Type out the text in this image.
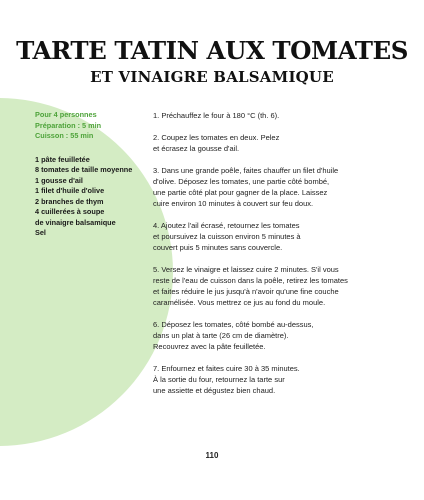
TARTE TATIN AUX TOMATES
ET VINAIGRE BALSAMIQUE
Pour 4 personnes
Préparation : 5 min
Cuisson : 55 min
1 pâte feuilletée
8 tomates de taille moyenne
1 gousse d'ail
1 filet d'huile d'olive
2 branches de thym
4 cuillerées à soupe
de vinaigre balsamique
Sel

1. Préchauffez le four à 180 °C (th. 6).

2. Coupez les tomates en deux. Pelez
et écrasez la gousse d'ail.

3. Dans une grande poêle, faites chauffer un filet d'huile
d'olive. Déposez les tomates, une partie côté bombé,
une partie côté plat pour gagner de la place. Laissez
cuire environ 10 minutes à couvert sur feu doux.

4. Ajoutez l'ail écrasé, retournez les tomates
et poursuivez la cuisson environ 5 minutes à
couvert puis 5 minutes sans couvercle.

5. Versez le vinaigre et laissez cuire 2 minutes. S'il vous
reste de l'eau de cuisson dans la poêle, retirez les tomates
et faites réduire le jus jusqu'à n'avoir qu'une fine couche
caramélisée. Vous mettrez ce jus au fond du moule.

6. Déposez les tomates, côté bombé au-dessus,
dans un plat à tarte (26 cm de diamètre).
Recouvrez avec la pâte feuilletée.

7. Enfournez et faites cuire 30 à 35 minutes.
À la sortie du four, retournez la tarte sur
une assiette et dégustez bien chaud.

110
